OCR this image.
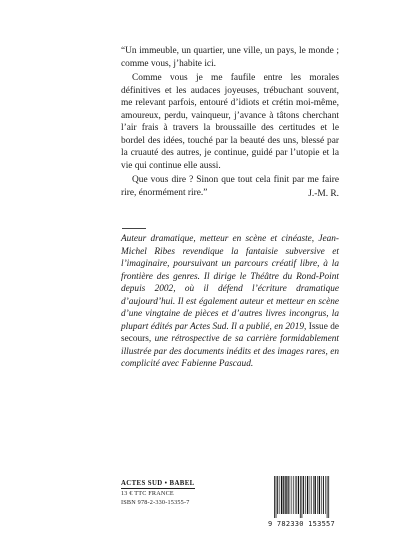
“Un immeuble, un quartier, une ville, un pays, le monde ; comme vous, j’habite ici.

Comme vous je me faufile entre les morales définitives et les audaces joyeuses, trébuchant souvent, me relevant parfois, entouré d’idiots et crétin moi-même, amoureux, perdu, vainqueur, j’avance à tâtons cherchant l’air frais à travers la broussaille des certitudes et le bordel des idées, touché par la beauté des uns, blessé par la cruauté des autres, je continue, guidé par l’utopie et la vie qui continue elle aussi.

Que vous dire ? Sinon que tout cela finit par me faire rire, énormément rire.”	J.-M. R.
Auteur dramatique, metteur en scène et cinéaste, Jean-Michel Ribes revendique la fantaisie subversive et l’imaginaire, poursuivant un parcours créatif libre, à la frontière des genres. Il dirige le Théâtre du Rond-Point depuis 2002, où il défend l’écriture dramatique d’aujourd’hui. Il est également auteur et metteur en scène d’une vingtaine de pièces et d’autres livres incongrus, la plupart édités par Actes Sud. Il a publié, en 2019, Issue de secours, une rétrospective de sa carrière formidablement illustrée par des documents inédits et des images rares, en complicité avec Fabienne Pascaud.
ACTES SUD • BABEL
13 € TTC FRANCE
ISBN 978-2-330-15355-7
9 782330 153557
